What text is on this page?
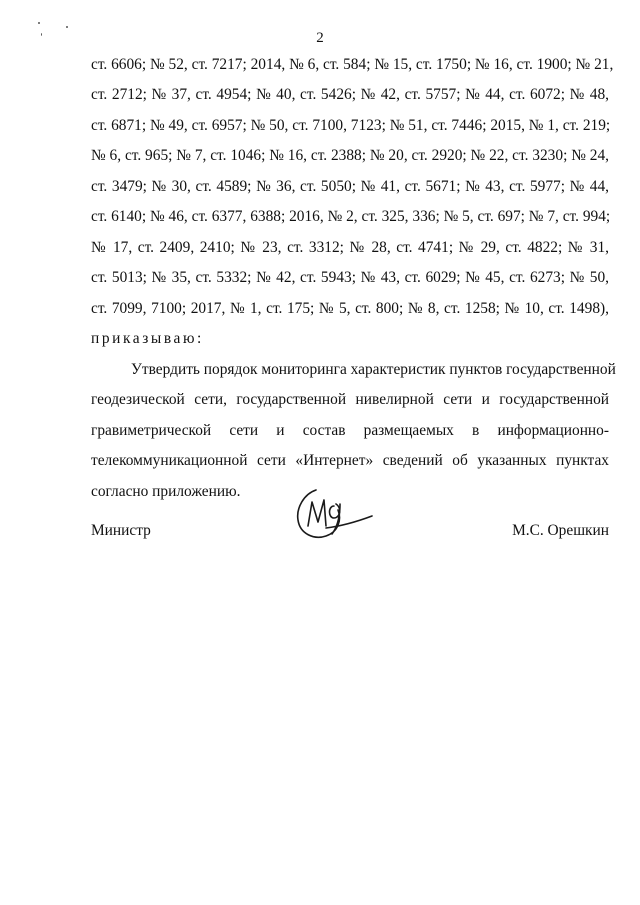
2
ст. 6606; № 52, ст. 7217; 2014, № 6, ст. 584; № 15, ст. 1750; № 16, ст. 1900; № 21,
ст. 2712; № 37, ст. 4954; № 40, ст. 5426; № 42, ст. 5757; № 44, ст. 6072; № 48,
ст. 6871; № 49, ст. 6957; № 50, ст. 7100, 7123; № 51, ст. 7446; 2015, № 1, ст. 219;
№ 6, ст. 965; № 7, ст. 1046; № 16, ст. 2388; № 20, ст. 2920; № 22, ст. 3230; № 24,
ст. 3479; № 30, ст. 4589; № 36, ст. 5050; № 41, ст. 5671; № 43, ст. 5977; № 44,
ст. 6140; № 46, ст. 6377, 6388; 2016, № 2, ст. 325, 336; № 5, ст. 697; № 7, ст. 994;
№ 17, ст. 2409, 2410; № 23, ст. 3312; № 28, ст. 4741; № 29, ст. 4822; № 31,
ст. 5013; № 35, ст. 5332; № 42, ст. 5943; № 43, ст. 6029; № 45, ст. 6273; № 50,
ст. 7099, 7100; 2017, № 1, ст. 175; № 5, ст. 800; № 8, ст. 1258; № 10, ст. 1498),
приказываю:
Утвердить порядок мониторинга характеристик пунктов государственной
геодезической сети, государственной нивелирной сети и государственной
гравиметрической сети и состав размещаемых в информационно-
телекоммуникационной сети «Интернет» сведений об указанных пунктах
согласно приложению.
Министр	М.С. Орешкин
